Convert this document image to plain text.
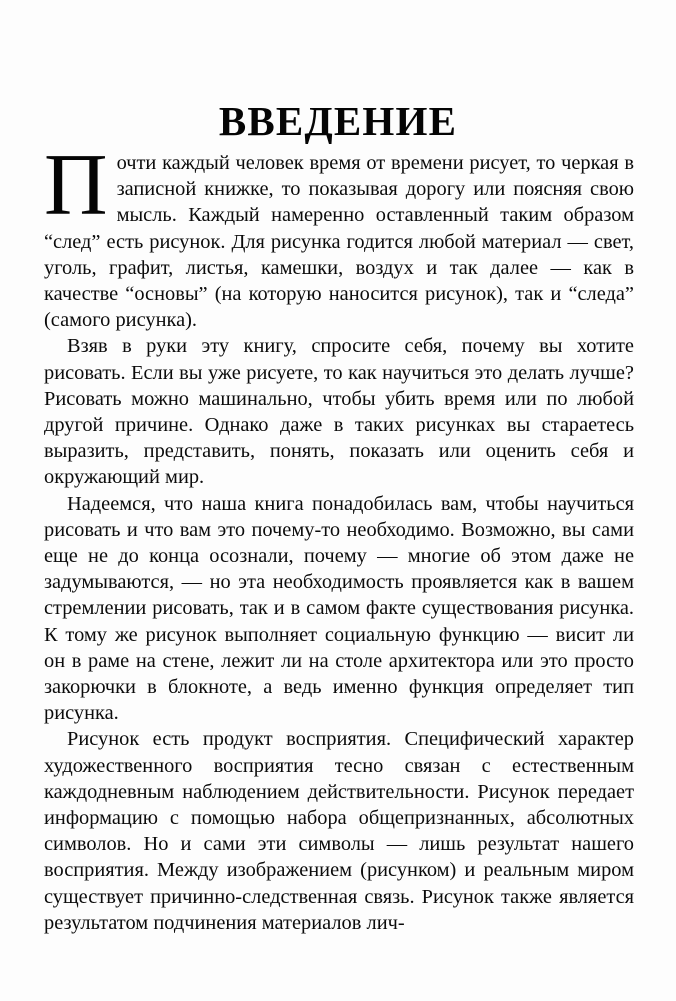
ВВЕДЕНИЕ

Почти каждый человек время от времени рисует, то черкая в записной книжке, то показывая дорогу или поясняя свою мысль. Каждый намеренно оставленный таким образом “след” есть рисунок. Для рисунка годится любой материал — свет, уголь, графит, листья, камешки, воздух и так далее — как в качестве “основы” (на которую наносится рисунок), так и “следа” (самого рисунка).

Взяв в руки эту книгу, спросите себя, почему вы хотите рисовать. Если вы уже рисуете, то как научиться это делать лучше? Рисовать можно машинально, чтобы убить время или по любой другой причине. Однако даже в таких рисунках вы стараетесь выразить, представить, понять, показать или оценить себя и окружающий мир.

Надеемся, что наша книга понадобилась вам, чтобы научиться рисовать и что вам это почему-то необходимо. Возможно, вы сами еще не до конца осознали, почему — многие об этом даже не задумываются, — но эта необходимость проявляется как в вашем стремлении рисовать, так и в самом факте существования рисунка. К тому же рисунок выполняет социальную функцию — висит ли он в раме на стене, лежит ли на столе архитектора или это просто закорючки в блокноте, а ведь именно функция определяет тип рисунка.

Рисунок есть продукт восприятия. Специфический характер художественного восприятия тесно связан с естественным каждодневным наблюдением действительности. Рисунок передает информацию с помощью набора общепризнанных, абсолютных символов. Но и сами эти символы — лишь результат нашего восприятия. Между изображением (рисунком) и реальным миром существует причинно-следственная связь. Рисунок также является результатом подчинения материалов лич-
